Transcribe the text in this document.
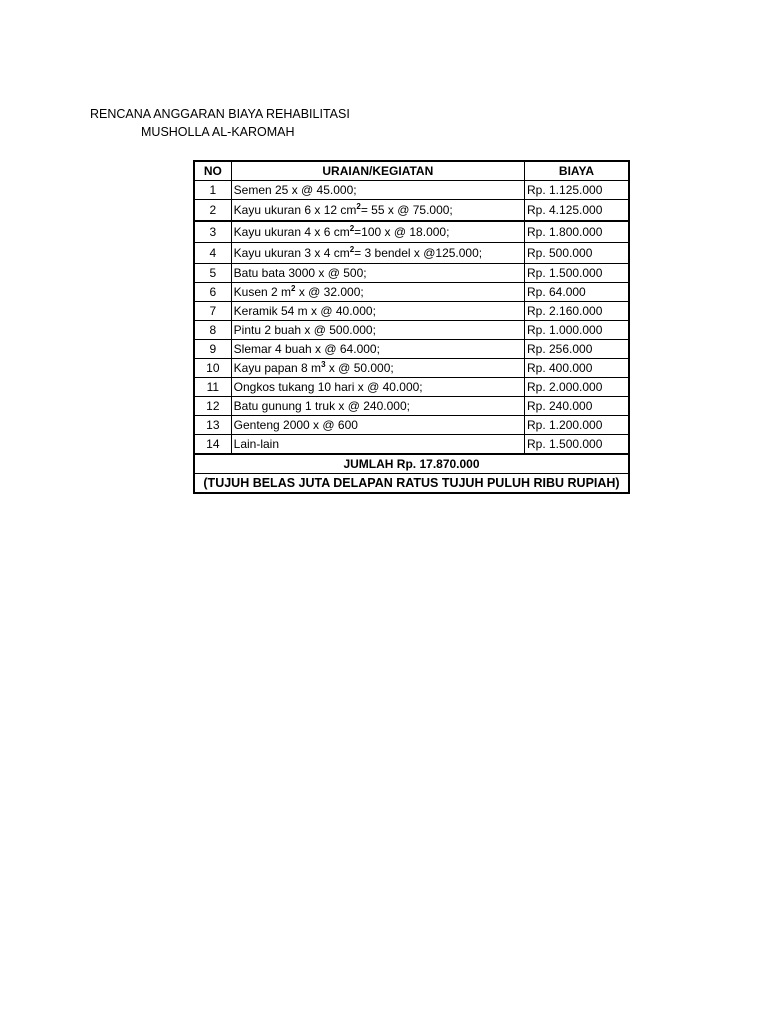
RENCANA ANGGARAN BIAYA REHABILITASI
MUSHOLLA AL-KAROMAH
NO	URAIAN/KEGIATAN	BIAYA
1	Semen 25 x @ 45.000;	Rp. 1.125.000
2	Kayu ukuran 6 x 12 $cm^2= 55$ x @ 75.000;	Rp. 4.125.000
3	Kayu ukuran 4 x 6 $cm^2=100$ x @ 18.000;	Rp. 1.800.000
4	Kayu ukuran 3 x 4 $cm^2= 3$ bendel x @125.000;	Rp. 500.000
5	Batu bata 3000 x @ 500;	Rp. 1.500.000
6	Kusen 2 $m^2$ x @ 32.000;	Rp. 64.000
7	Keramik 54 m x @ 40.000;	Rp. 2.160.000
8	Pintu 2 buah x @ 500.000;	Rp. 1.000.000
9	Slemar 4 buah x @ 64.000;	Rp. 256.000
10	Kayu papan 8 $m^3$ x @ 50.000;	Rp. 400.000
11	Ongkos tukang 10 hari x @ 40.000;	Rp. 2.000.000
12	Batu gunung 1 truk x @ 240.000;	Rp. 240.000
13	Genteng 2000 x @ 600	Rp. 1.200.000
14	Lain-lain	Rp. 1.500.000
JUMLAH Rp. 17.870.000		
(TUJUH BELAS JUTA DELAPAN RATUS TUJUH PULUH RIBU RUPIAH)		
